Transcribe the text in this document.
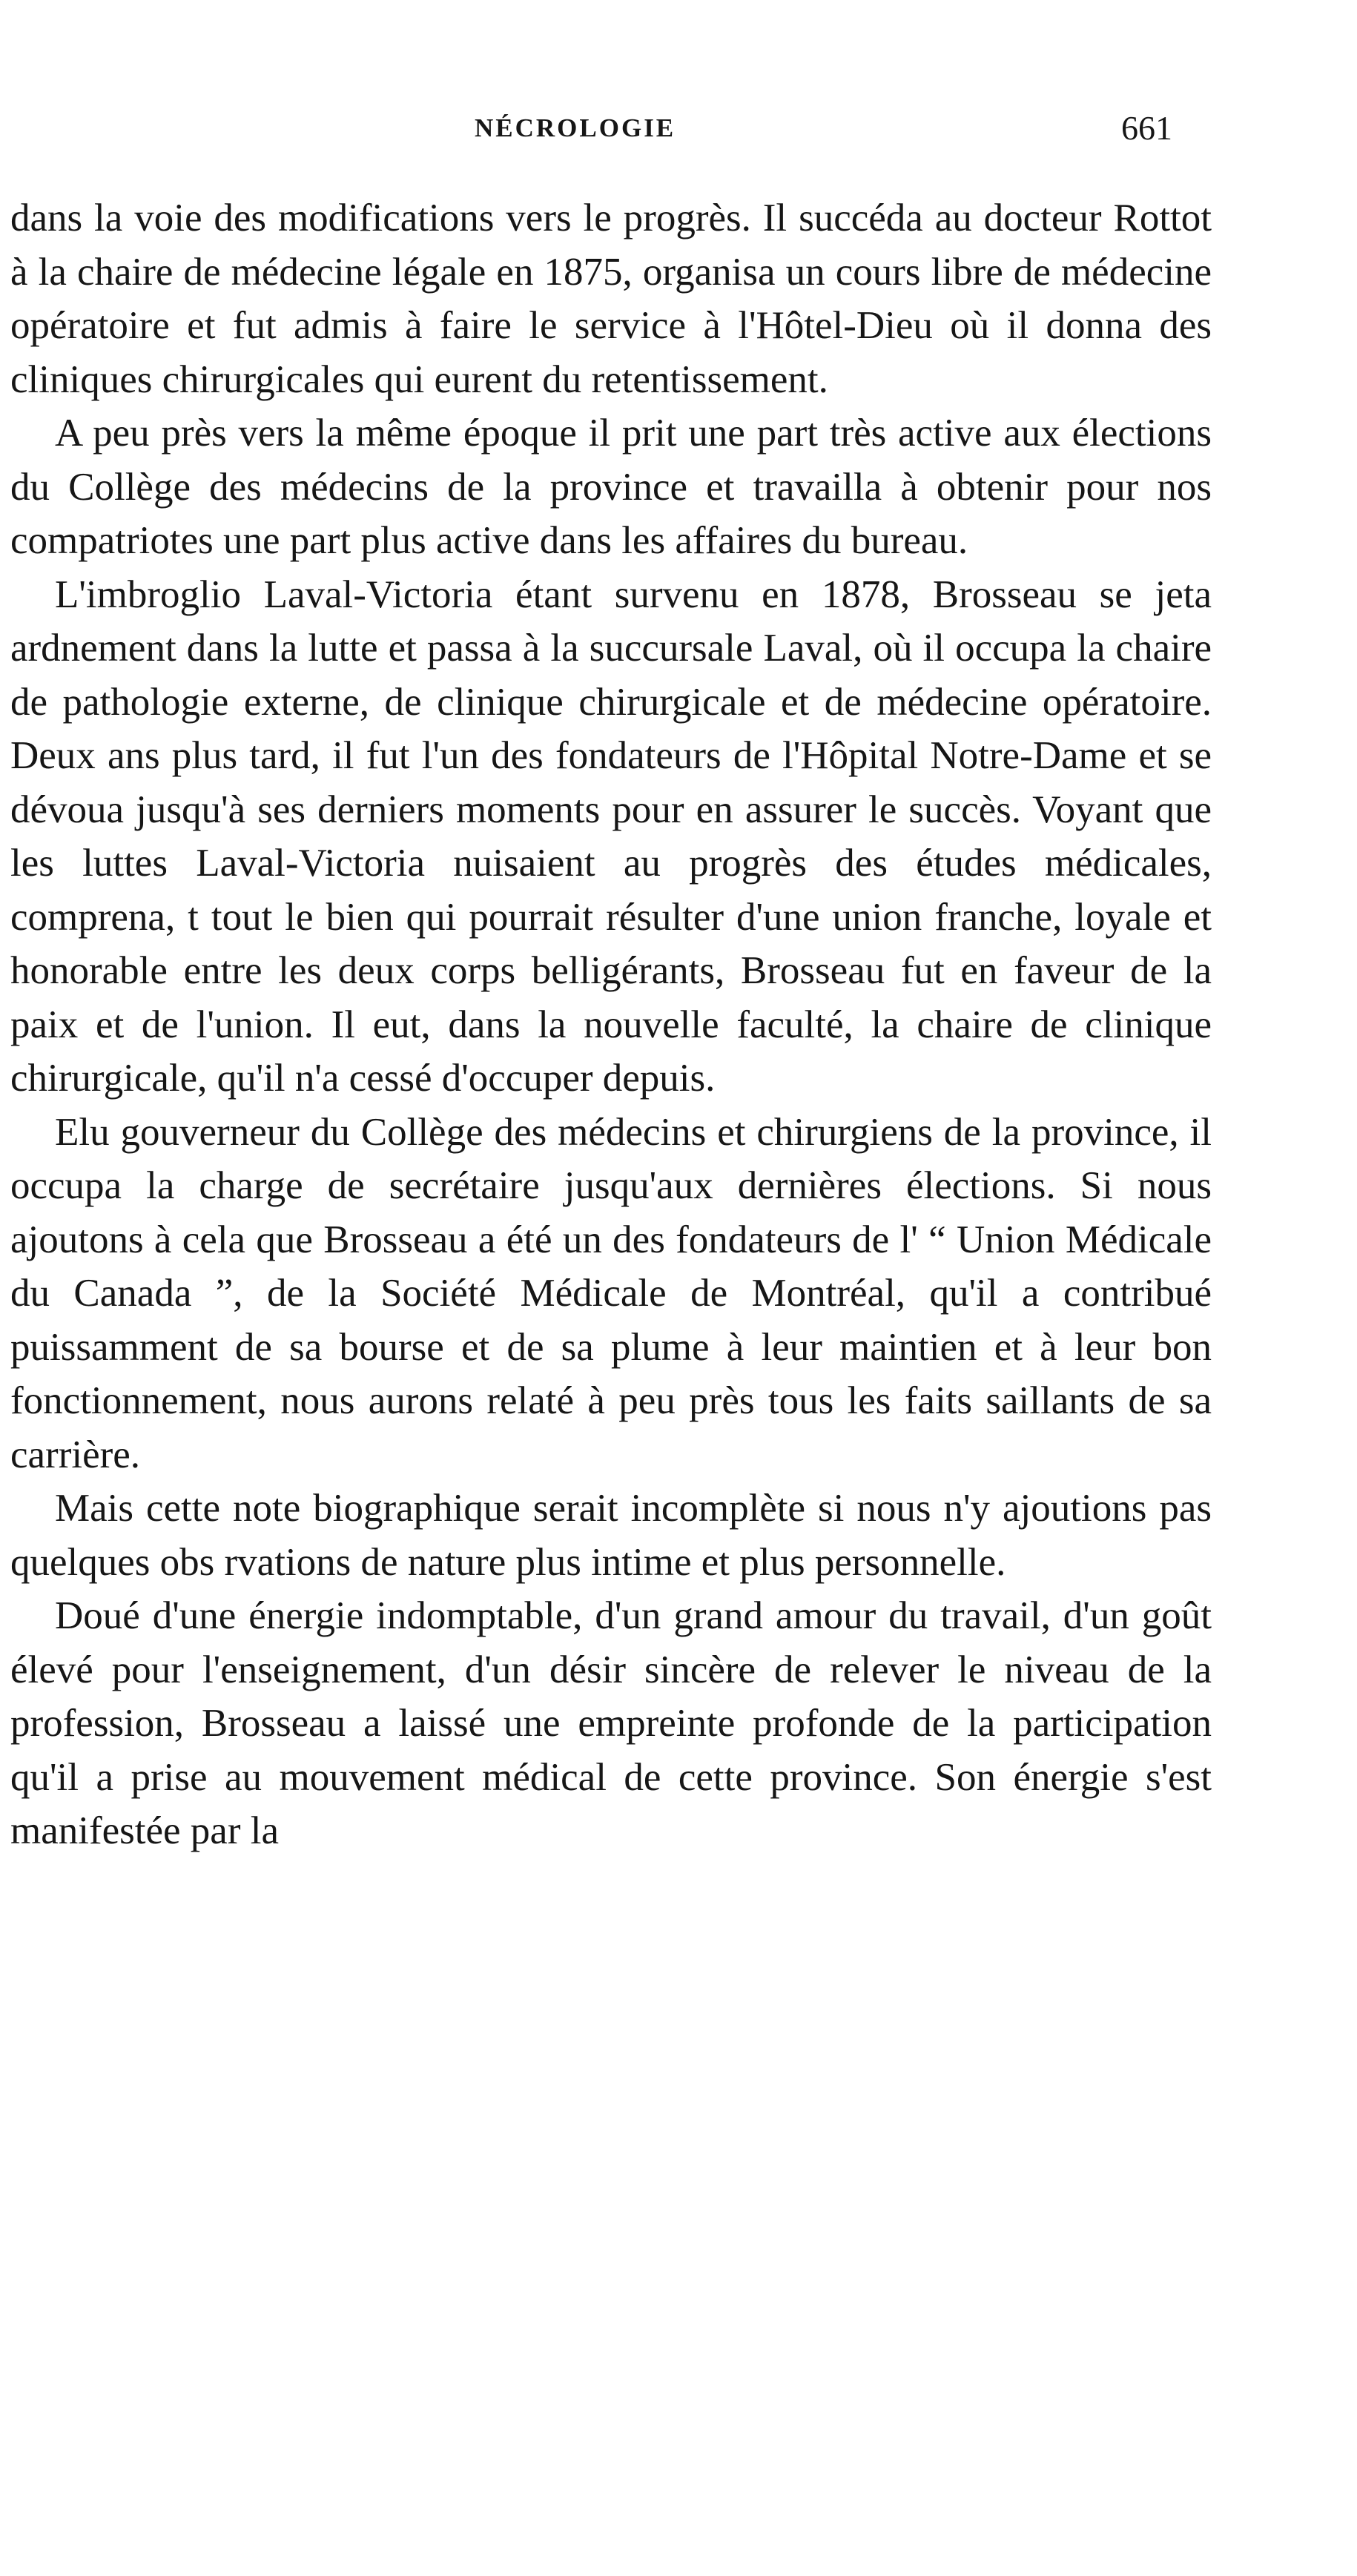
NÉCROLOGIE	661

dans la voie des modifications vers le progrès. Il succéda au docteur Rottot à la chaire de médecine légale en 1875, organisa un cours libre de médecine opératoire et fut admis à faire le service à l'Hôtel-Dieu où il donna des cliniques chirurgicales qui eurent du retentissement.

A peu près vers la même époque il prit une part très active aux élections du Collège des médecins de la province et travailla à obtenir pour nos compatriotes une part plus active dans les affaires du bureau.

L'imbroglio Laval-Victoria étant survenu en 1878, Brosseau se jeta ardnement dans la lutte et passa à la succursale Laval, où il occupa la chaire de pathologie externe, de clinique chirurgicale et de médecine opératoire. Deux ans plus tard, il fut l'un des fondateurs de l'Hôpital Notre-Dame et se dévoua jusqu'à ses derniers moments pour en assurer le succès. Voyant que les luttes Laval-Victoria nuisaient au progrès des études médicales, comprena, t tout le bien qui pourrait résulter d'une union franche, loyale et honorable entre les deux corps belligérants, Brosseau fut en faveur de la paix et de l'union. Il eut, dans la nouvelle faculté, la chaire de clinique chirurgicale, qu'il n'a cessé d'occuper depuis.

Elu gouverneur du Collège des médecins et chirurgiens de la province, il occupa la charge de secrétaire jusqu'aux dernières élections. Si nous ajoutons à cela que Brosseau a été un des fondateurs de l' “ Union Médicale du Canada ”, de la Société Médicale de Montréal, qu'il a contribué puissamment de sa bourse et de sa plume à leur maintien et à leur bon fonctionnement, nous aurons relaté à peu près tous les faits saillants de sa carrière.

Mais cette note biographique serait incomplète si nous n'y ajoutions pas quelques obs rvations de nature plus intime et plus personnelle.

Doué d'une énergie indomptable, d'un grand amour du travail, d'un goût élevé pour l'enseignement, d'un désir sincère de relever le niveau de la profession, Brosseau a laissé une empreinte profonde de la participation qu'il a prise au mouvement médical de cette province. Son énergie s'est manifestée par la
